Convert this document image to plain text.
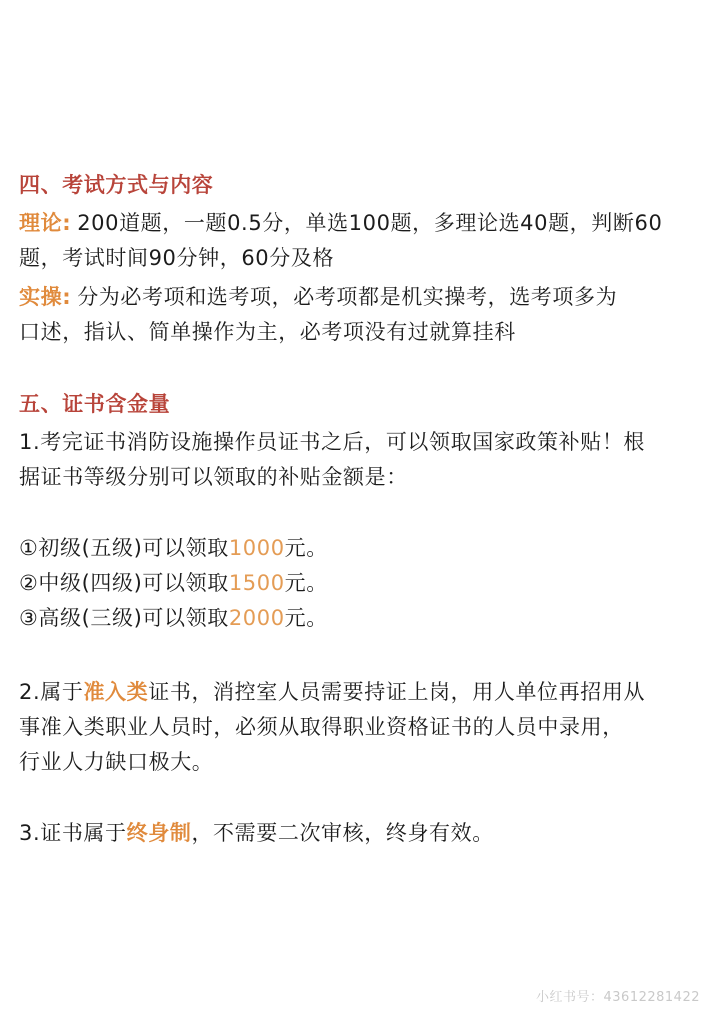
四、考试方式与内容
理论: 200道题，一题0.5分，单选100题，多理论选40题，判断60
题，考试时间90分钟，60分及格
实操: 分为必考项和选考项，必考项都是机实操考，选考项多为
口述，指认、简单操作为主，必考项没有过就算挂科
五、证书含金量
1.考完证书消防设施操作员证书之后，可以领取国家政策补贴！根
据证书等级分别可以领取的补贴金额是：
①初级(五级)可以领取1000元。
②中级(四级)可以领取1500元。
③高级(三级)可以领取2000元。
2.属于准入类证书，消控室人员需要持证上岗，用人单位再招用从
事准入类职业人员时，必须从取得职业资格证书的人员中录用，
行业人力缺口极大。
3.证书属于终身制，不需要二次审核，终身有效。
小红书号：43612281422
